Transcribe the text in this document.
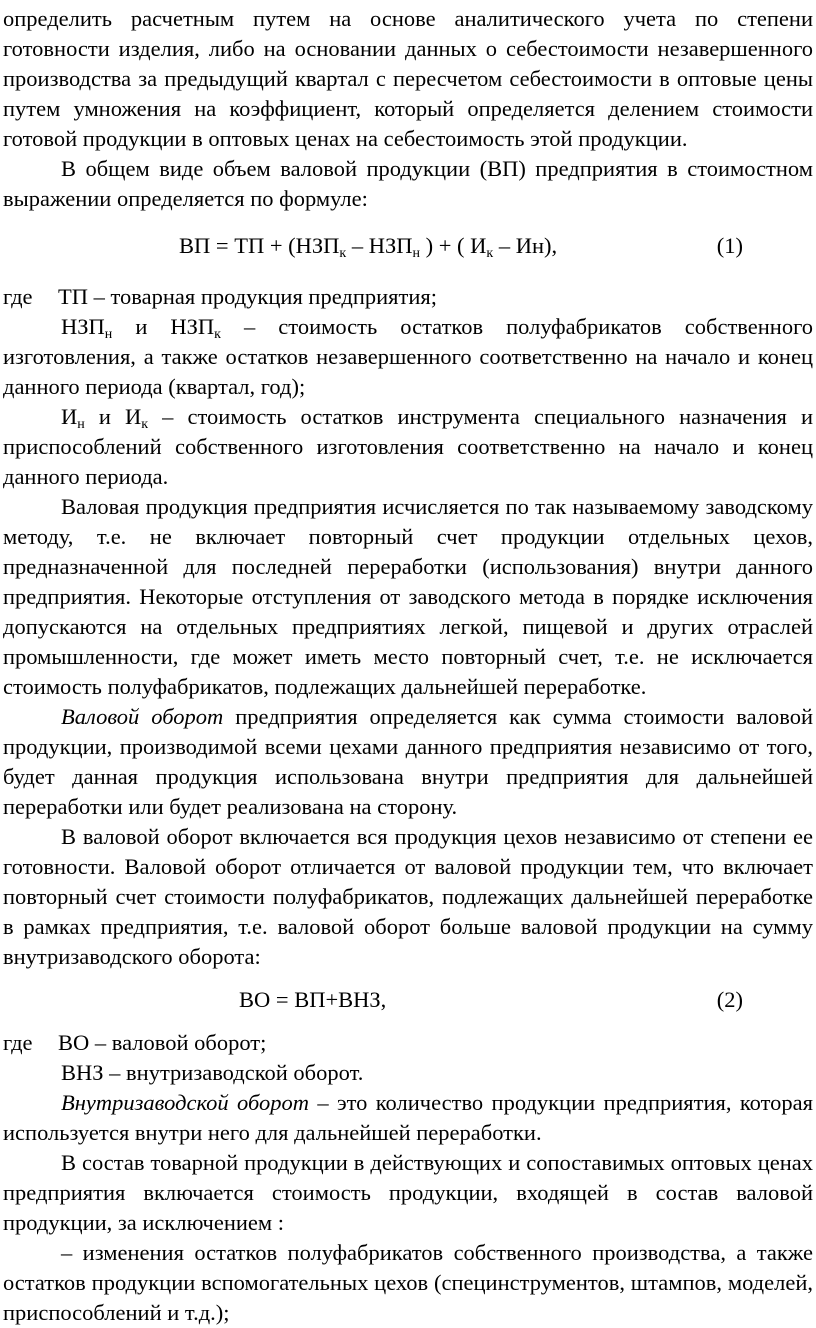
определить расчетным путем на основе аналитического учета по степени готовности изделия, либо на основании данных о себестоимости незавершенного производства за предыдущий квартал с пересчетом себестоимости в оптовые цены путем умножения на коэффициент, который определяется делением стоимости готовой продукции в оптовых ценах на себестоимость этой продукции.

В общем виде объем валовой продукции (ВП) предприятия в стоимостном выражении определяется по формуле:

ВП = ТП + ($НЗП_к - НЗП_н$ ) + ( $И_к - Ин$),	(1)

где ТП – товарная продукция предприятия;

$НЗП_н$ и $НЗП_к$ – стоимость остатков полуфабрикатов собственного изготовления, а также остатков незавершенного соответственно на начало и конец данного периода (квартал, год);

$И_н$ и $И_к$ – стоимость остатков инструмента специального назначения и приспособлений собственного изготовления соответственно на начало и конец данного периода.

Валовая продукция предприятия исчисляется по так называемому заводскому методу, т.е. не включает повторный счет продукции отдельных цехов, предназначенной для последней переработки (использования) внутри данного предприятия. Некоторые отступления от заводского метода в порядке исключения допускаются на отдельных предприятиях легкой, пищевой и других отраслей промышленности, где может иметь место повторный счет, т.е. не исключается стоимость полуфабрикатов, подлежащих дальнейшей переработке.

Валовой оборот предприятия определяется как сумма стоимости валовой продукции, производимой всеми цехами данного предприятия независимо от того, будет данная продукция использована внутри предприятия для дальнейшей переработки или будет реализована на сторону.

В валовой оборот включается вся продукция цехов независимо от степени ее готовности. Валовой оборот отличается от валовой продукции тем, что включает повторный счет стоимости полуфабрикатов, подлежащих дальнейшей переработке в рамках предприятия, т.е. валовой оборот больше валовой продукции на сумму внутризаводского оборота:

ВО = ВП+ВНЗ,	(2)

где ВО – валовой оборот;

ВНЗ – внутризаводской оборот.

Внутризаводской оборот – это количество продукции предприятия, которая используется внутри него для дальнейшей переработки.

В состав товарной продукции в действующих и сопоставимых оптовых ценах предприятия включается стоимость продукции, входящей в состав валовой продукции, за исключением :

– изменения остатков полуфабрикатов собственного производства, а также остатков продукции вспомогательных цехов (специнструментов, штампов, моделей, приспособлений и т.д.);
